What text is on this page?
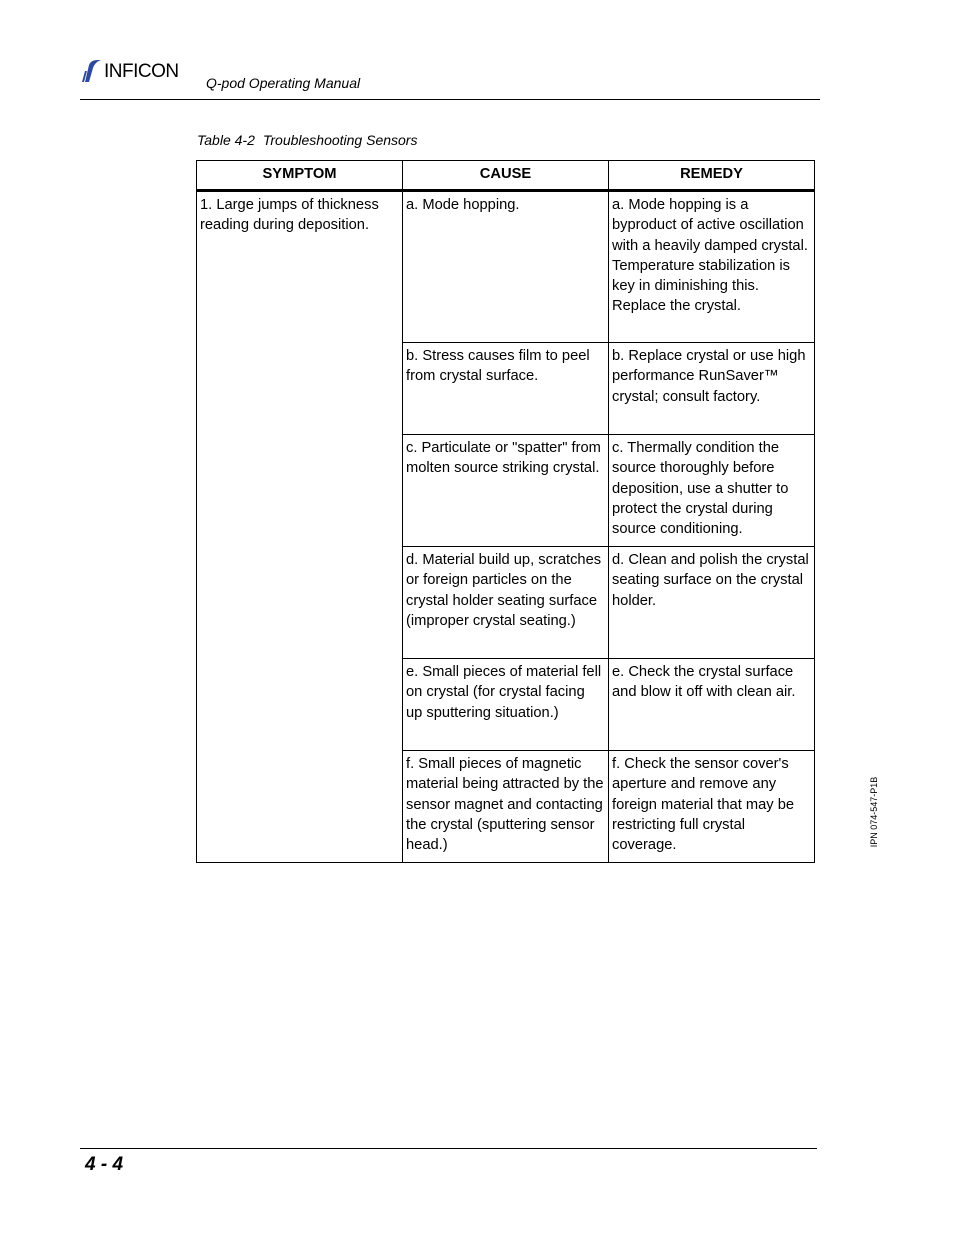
INFICON
Q-pod Operating Manual
Table 4-2 Troubleshooting Sensors
SYMPTOM	CAUSE	REMEDY
1. Large jumps of thickness reading during deposition.	a. Mode hopping.	a. Mode hopping is a byproduct of active oscillation with a heavily damped crystal. Temperature stabilization is key in diminishing this. Replace the crystal.
	b. Stress causes film to peel from crystal surface.	b. Replace crystal or use high performance RunSaver™ crystal; consult factory.
	c. Particulate or "spatter" from molten source striking crystal.	c. Thermally condition the source thoroughly before deposition, use a shutter to protect the crystal during source conditioning.
	d. Material build up, scratches or foreign particles on the crystal holder seating surface (improper crystal seating.)	d. Clean and polish the crystal seating surface on the crystal holder.
	e. Small pieces of material fell on crystal (for crystal facing up sputtering situation.)	e. Check the crystal surface and blow it off with clean air.
	f. Small pieces of magnetic material being attracted by the sensor magnet and contacting the crystal (sputtering sensor head.)	f. Check the sensor cover's aperture and remove any foreign material that may be restricting full crystal coverage.	IPN 074-547-P1B
4 - 4
